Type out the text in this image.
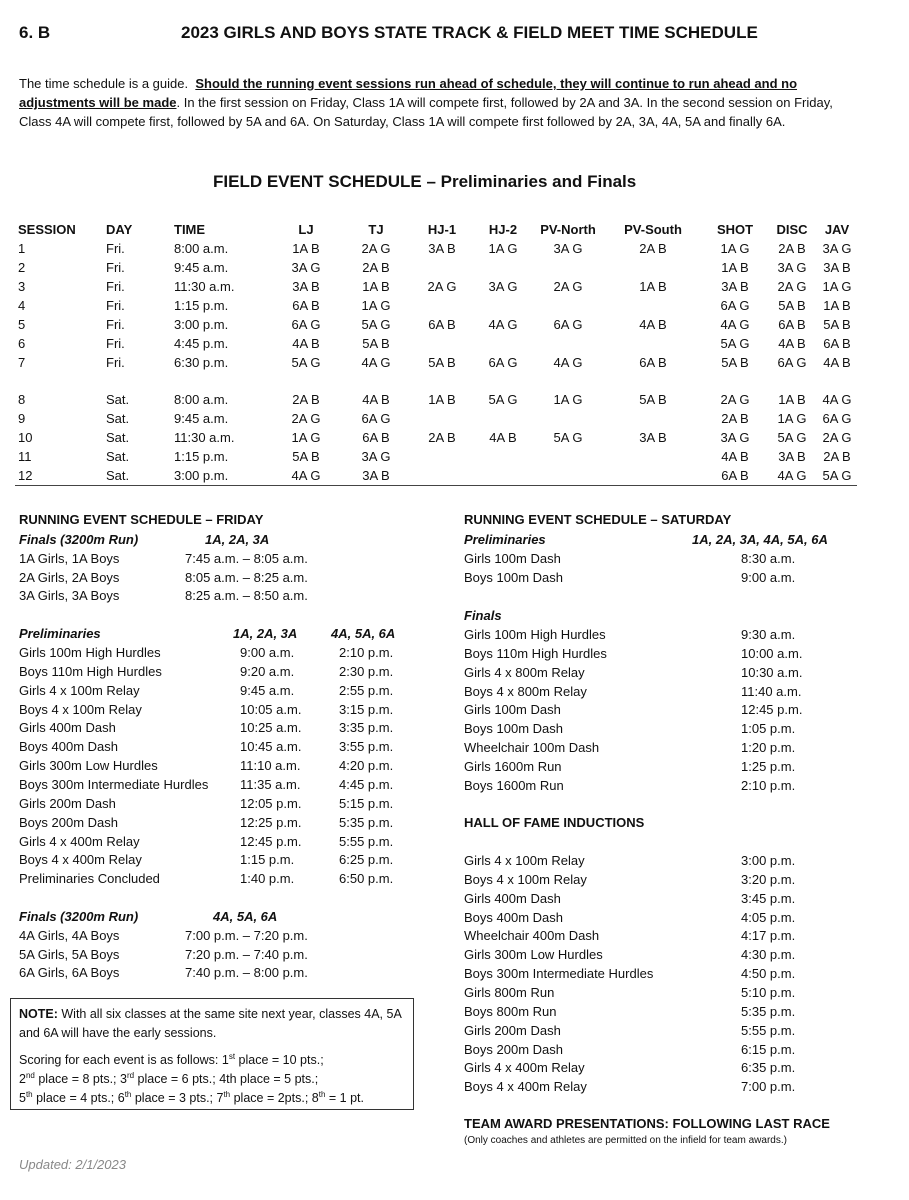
6. B	2023 GIRLS AND BOYS STATE TRACK & FIELD MEET TIME SCHEDULE
The time schedule is a guide. Should the running event sessions run ahead of schedule, they will continue to run ahead and no adjustments will be made. In the first session on Friday, Class 1A will compete first, followed by 2A and 3A. In the second session on Friday, Class 4A will compete first, followed by 5A and 6A. On Saturday, Class 1A will compete first followed by 2A, 3A, 4A, 5A and finally 6A.
FIELD EVENT SCHEDULE – Preliminaries and Finals
SESSION	DAY	TIME	LJ	TJ	HJ-1	HJ-2	PV-North	PV-South	SHOT	DISC	JAV
1	Fri.	8:00 a.m.	1A B	2A G	3A B	1A G	3A G	2A B	1A G	2A B	3A G
2	Fri.	9:45 a.m.	3A G	2A B					1A B	3A G	3A B
3	Fri.	11:30 a.m.	3A B	1A B	2A G	3A G	2A G	1A B	3A B	2A G	1A G
4	Fri.	1:15 p.m.	6A B	1A G					6A G	5A B	1A B
5	Fri.	3:00 p.m.	6A G	5A G	6A B	4A G	6A G	4A B	4A G	6A B	5A B
6	Fri.	4:45 p.m.	4A B	5A B					5A G	4A B	6A B
7	Fri.	6:30 p.m.	5A G	4A G	5A B	6A G	4A G	6A B	5A B	6A G	4A B

8	Sat.	8:00 a.m.	2A B	4A B	1A B	5A G	1A G	5A B	2A G	1A B	4A G
9	Sat.	9:45 a.m.	2A G	6A G					2A B	1A G	6A G
10	Sat.	11:30 a.m.	1A G	6A B	2A B	4A B	5A G	3A B	3A G	5A G	2A G
11	Sat.	1:15 p.m.	5A B	3A G					4A B	3A B	2A B
12	Sat.	3:00 p.m.	4A G	3A B					6A B	4A G	5A G
RUNNING EVENT SCHEDULE – FRIDAY
Finals (3200m Run)	1A, 2A, 3A
1A Girls, 1A Boys	7:45 a.m. – 8:05 a.m.
2A Girls, 2A Boys	8:05 a.m. – 8:25 a.m.
3A Girls, 3A Boys	8:25 a.m. – 8:50 a.m.
Preliminaries	1A, 2A, 3A	4A, 5A, 6A
Girls 100m High Hurdles	9:00 a.m.	2:10 p.m.
Boys 110m High Hurdles	9:20 a.m.	2:30 p.m.
Girls 4 x 100m Relay	9:45 a.m.	2:55 p.m.
Boys 4 x 100m Relay	10:05 a.m.	3:15 p.m.
Girls 400m Dash	10:25 a.m.	3:35 p.m.
Boys 400m Dash	10:45 a.m.	3:55 p.m.
Girls 300m Low Hurdles	11:10 a.m.	4:20 p.m.
Boys 300m Intermediate Hurdles 11:35 a.m.	4:45 p.m.
Girls 200m Dash	12:05 p.m.	5:15 p.m.
Boys 200m Dash	12:25 p.m.	5:35 p.m.
Girls 4 x 400m Relay	12:45 p.m.	5:55 p.m.
Boys 4 x 400m Relay	1:15 p.m.	6:25 p.m.
Preliminaries Concluded	1:40 p.m.	6:50 p.m.
Finals (3200m Run)	4A, 5A, 6A
4A Girls, 4A Boys	7:00 p.m. – 7:20 p.m.
5A Girls, 5A Boys	7:20 p.m. – 7:40 p.m.
6A Girls, 6A Boys	7:40 p.m. – 8:00 p.m.
NOTE: With all six classes at the same site next year, classes 4A, 5A and 6A will have the early sessions.
Scoring for each event is as follows: 1st place = 10 pts.;
2nd place = 8 pts.; 3rd place = 6 pts.; 4th place = 5 pts.;
5th place = 4 pts.; 6th place = 3 pts.; 7th place = 2pts.; 8th = 1 pt.
Updated: 2/1/2023
RUNNING EVENT SCHEDULE – SATURDAY
Preliminaries	1A, 2A, 3A, 4A, 5A, 6A
Girls 100m Dash	8:30 a.m.
Boys 100m Dash	9:00 a.m.
Finals
Girls 100m High Hurdles	9:30 a.m.
Boys 110m High Hurdles	10:00 a.m.
Girls 4 x 800m Relay	10:30 a.m.
Boys 4 x 800m Relay	11:40 a.m.
Girls 100m Dash	12:45 p.m.
Boys 100m Dash	1:05 p.m.
Wheelchair 100m Dash	1:20 p.m.
Girls 1600m Run	1:25 p.m.
Boys 1600m Run	2:10 p.m.
HALL OF FAME INDUCTIONS
Girls 4 x 100m Relay	3:00 p.m.
Boys 4 x 100m Relay	3:20 p.m.
Girls 400m Dash	3:45 p.m.
Boys 400m Dash	4:05 p.m.
Wheelchair 400m Dash	4:17 p.m.
Girls 300m Low Hurdles	4:30 p.m.
Boys 300m Intermediate Hurdles	4:50 p.m.
Girls 800m Run	5:10 p.m.
Boys 800m Run	5:35 p.m.
Girls 200m Dash	5:55 p.m.
Boys 200m Dash	6:15 p.m.
Girls 4 x 400m Relay	6:35 p.m.
Boys 4 x 400m Relay	7:00 p.m.
TEAM AWARD PRESENTATIONS: FOLLOWING LAST RACE
(Only coaches and athletes are permitted on the infield for team awards.)
